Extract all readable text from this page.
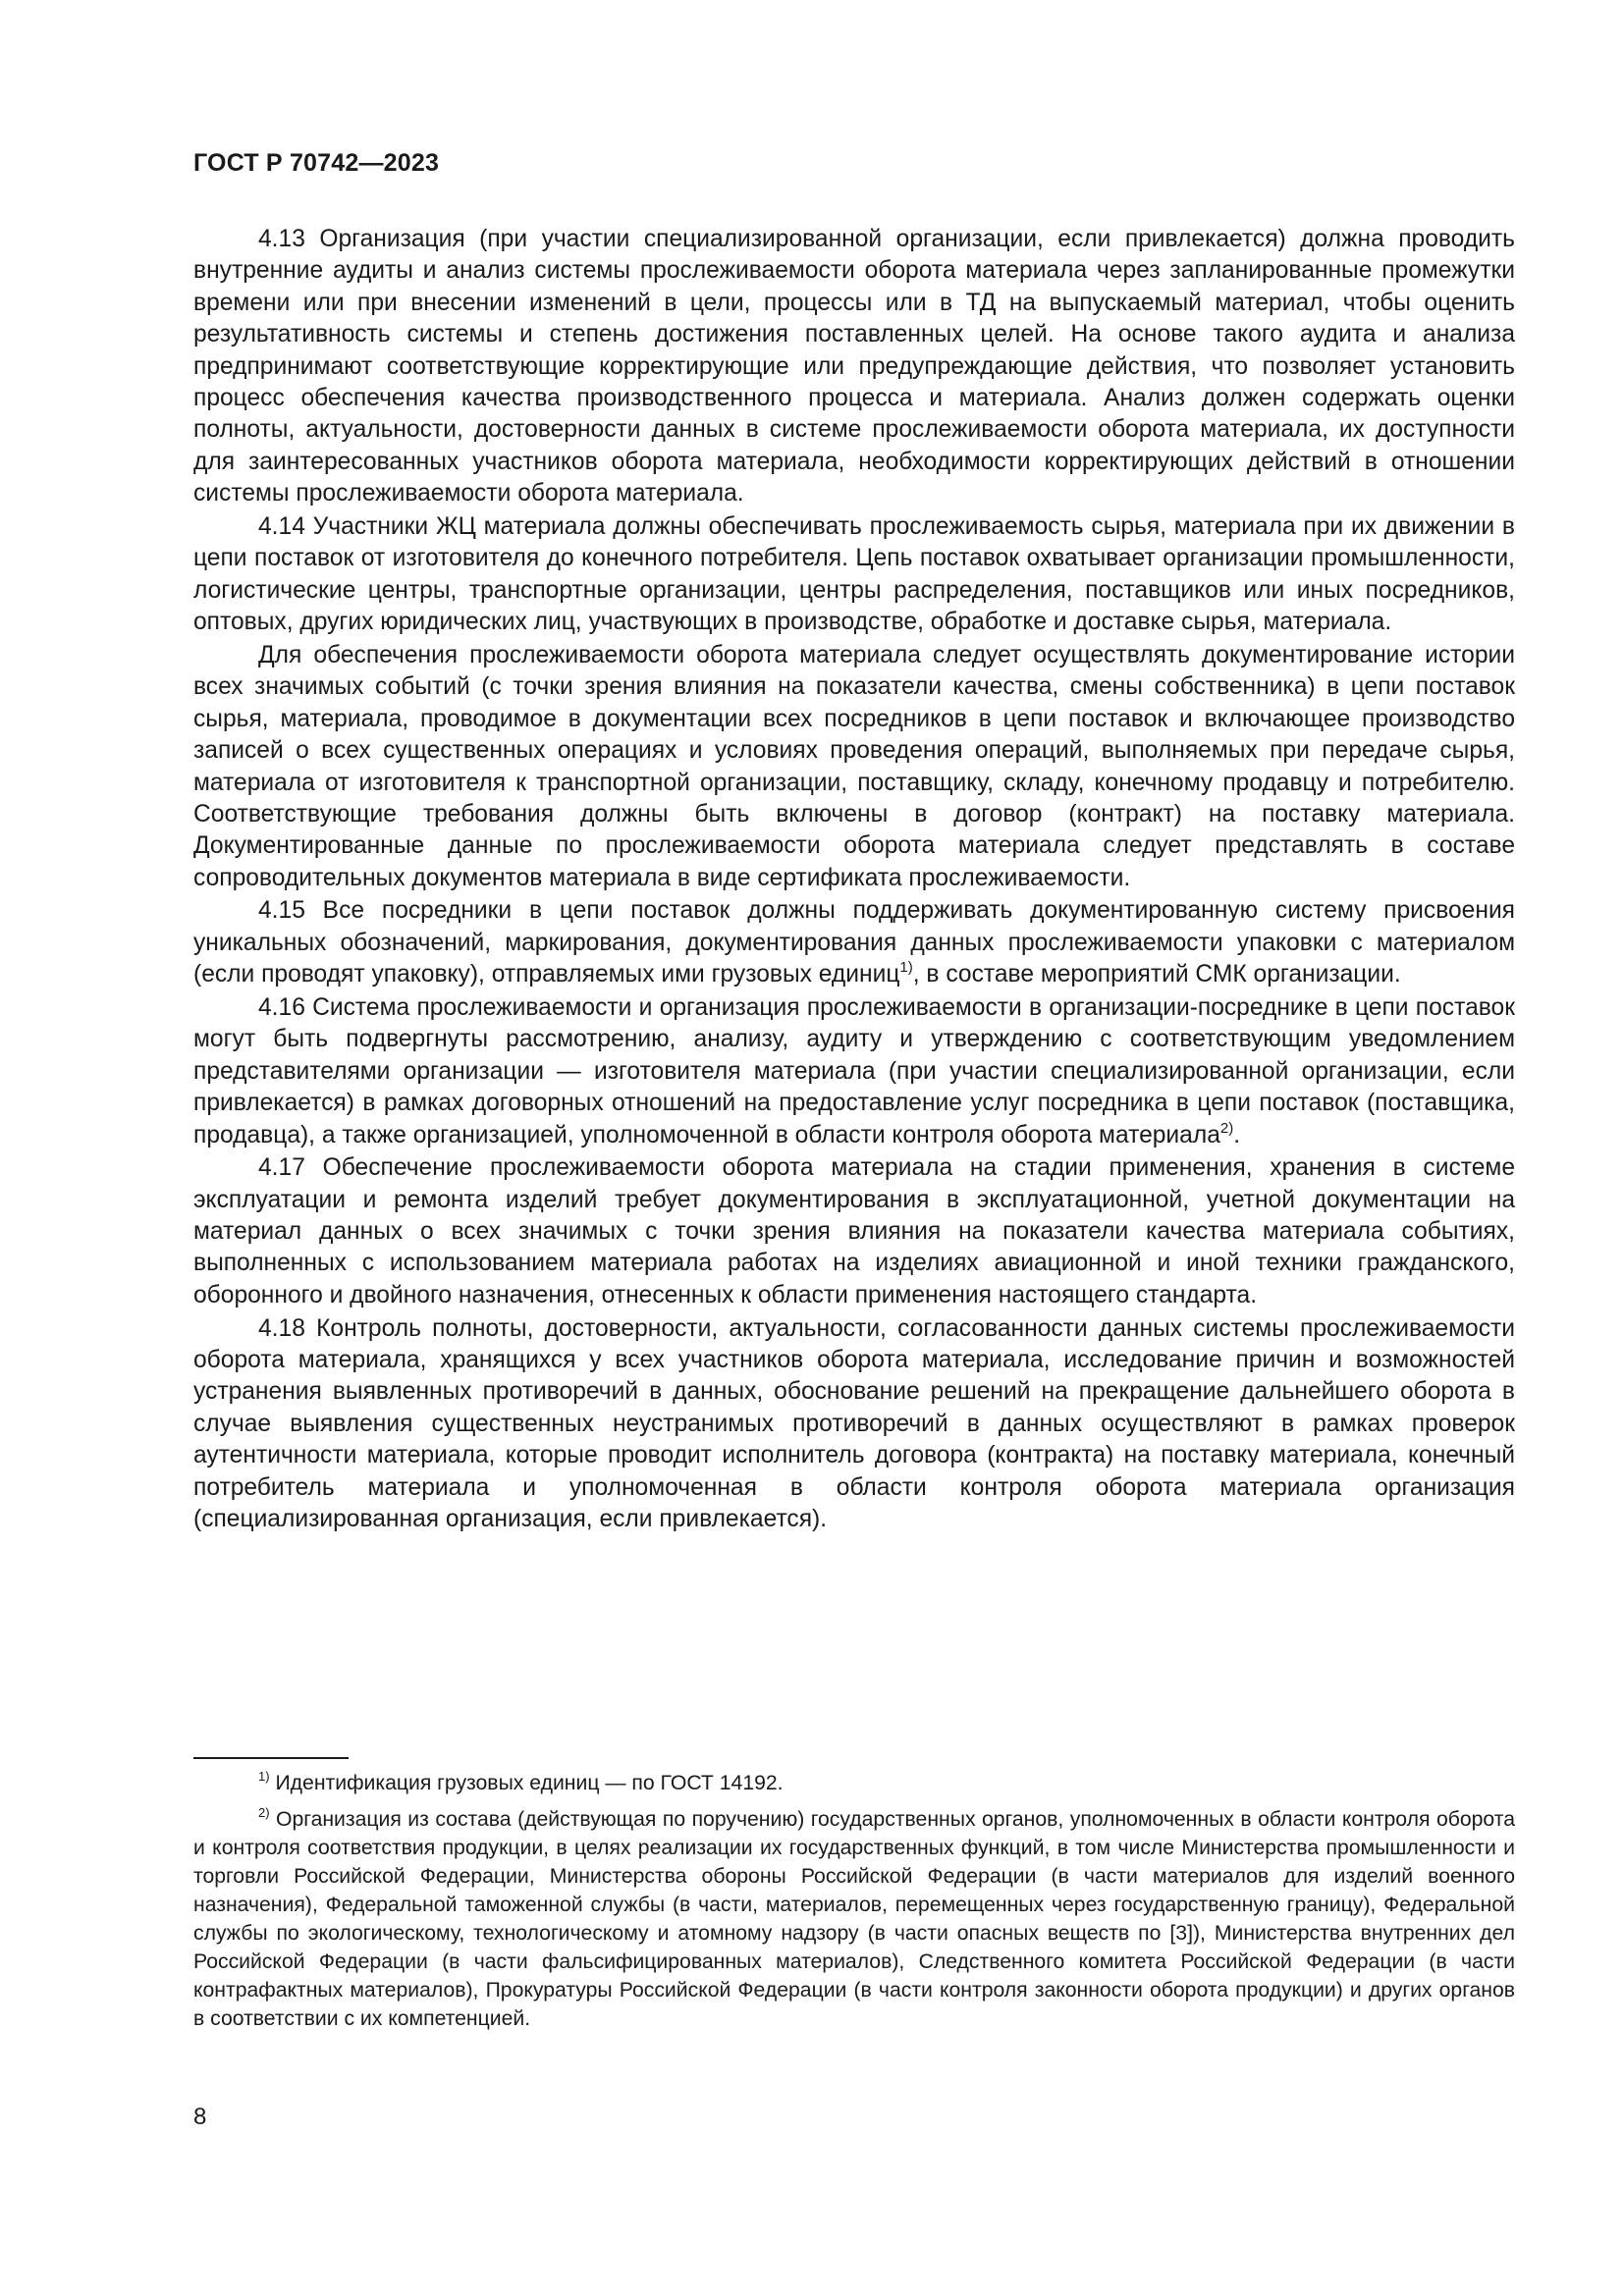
ГОСТ Р 70742—2023

4.13 Организация (при участии специализированной организации, если привлекается) должна проводить внутренние аудиты и анализ системы прослеживаемости оборота материала через запланированные промежутки времени или при внесении изменений в цели, процессы или в ТД на выпускаемый материал, чтобы оценить результативность системы и степень достижения поставленных целей. На основе такого аудита и анализа предпринимают соответствующие корректирующие или предупреждающие действия, что позволяет установить процесс обеспечения качества производственного процесса и материала. Анализ должен содержать оценки полноты, актуальности, достоверности данных в системе прослеживаемости оборота материала, их доступности для заинтересованных участников оборота материала, необходимости корректирующих действий в отношении системы прослеживаемости оборота материала.

4.14 Участники ЖЦ материала должны обеспечивать прослеживаемость сырья, материала при их движении в цепи поставок от изготовителя до конечного потребителя. Цепь поставок охватывает организации промышленности, логистические центры, транспортные организации, центры распределения, поставщиков или иных посредников, оптовых, других юридических лиц, участвующих в производстве, обработке и доставке сырья, материала.

Для обеспечения прослеживаемости оборота материала следует осуществлять документирование истории всех значимых событий (с точки зрения влияния на показатели качества, смены собственника) в цепи поставок сырья, материала, проводимое в документации всех посредников в цепи поставок и включающее производство записей о всех существенных операциях и условиях проведения операций, выполняемых при передаче сырья, материала от изготовителя к транспортной организации, поставщику, складу, конечному продавцу и потребителю. Соответствующие требования должны быть включены в договор (контракт) на поставку материала. Документированные данные по прослеживаемости оборота материала следует представлять в составе сопроводительных документов материала в виде сертификата прослеживаемости.

4.15 Все посредники в цепи поставок должны поддерживать документированную систему присвоения уникальных обозначений, маркирования, документирования данных прослеживаемости упаковки с материалом (если проводят упаковку), отправляемых ими грузовых единиц$^{1)}$, в составе мероприятий СМК организации.

4.16 Система прослеживаемости и организация прослеживаемости в организации-посреднике в цепи поставок могут быть подвергнуты рассмотрению, анализу, аудиту и утверждению с соответствующим уведомлением представителями организации — изготовителя материала (при участии специализированной организации, если привлекается) в рамках договорных отношений на предоставление услуг посредника в цепи поставок (поставщика, продавца), а также организацией, уполномоченной в области контроля оборота материала$^{2)}$.

4.17 Обеспечение прослеживаемости оборота материала на стадии применения, хранения в системе эксплуатации и ремонта изделий требует документирования в эксплуатационной, учетной документации на материал данных о всех значимых с точки зрения влияния на показатели качества материала событиях, выполненных с использованием материала работах на изделиях авиационной и иной техники гражданского, оборонного и двойного назначения, отнесенных к области применения настоящего стандарта.

4.18 Контроль полноты, достоверности, актуальности, согласованности данных системы прослеживаемости оборота материала, хранящихся у всех участников оборота материала, исследование причин и возможностей устранения выявленных противоречий в данных, обоснование решений на прекращение дальнейшего оборота в случае выявления существенных неустранимых противоречий в данных осуществляют в рамках проверок аутентичности материала, которые проводит исполнитель договора (контракта) на поставку материала, конечный потребитель материала и уполномоченная в области контроля оборота материала организация (специализированная организация, если привлекается).

$^{1)}$ Идентификация грузовых единиц — по ГОСТ 14192.

$^{2)}$ Организация из состава (действующая по поручению) государственных органов, уполномоченных в области контроля оборота и контроля соответствия продукции, в целях реализации их государственных функций, в том числе Министерства промышленности и торговли Российской Федерации, Министерства обороны Российской Федерации (в части материалов для изделий военного назначения), Федеральной таможенной службы (в части, материалов, перемещенных через государственную границу), Федеральной службы по экологическому, технологическому и атомному надзору (в части опасных веществ по [3]), Министерства внутренних дел Российской Федерации (в части фальсифицированных материалов), Следственного комитета Российской Федерации (в части контрафактных материалов), Прокуратуры Российской Федерации (в части контроля законности оборота продукции) и других органов в соответствии с их компетенцией.

8
